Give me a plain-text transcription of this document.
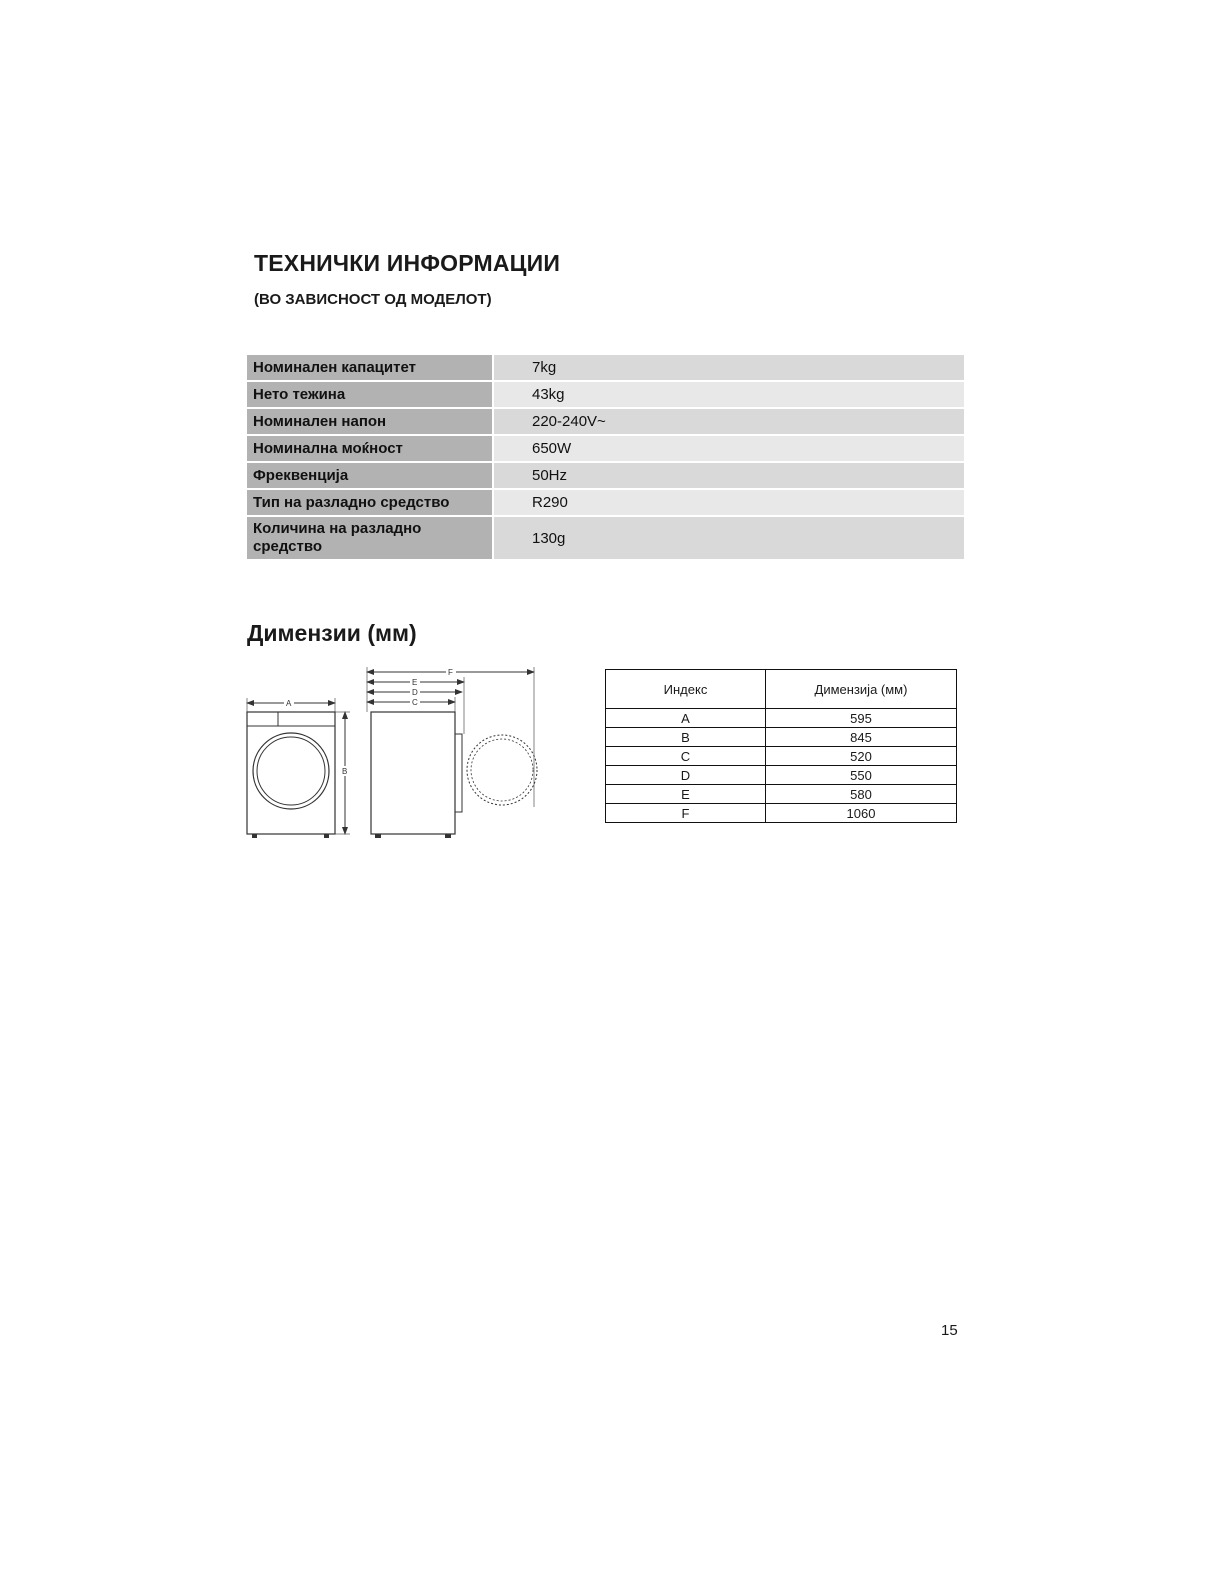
ТЕХНИЧКИ ИНФОРМАЦИИ

(ВО ЗАВИСНОСТ ОД МОДЕЛОТ)

Номинален капацитет	7kg
Нето тежина	43kg
Номинален напон	220-240V~
Номинална моќност	650W
Фреквенција	50Hz
Тип на разладно средство	R290
Количина на разладно средство	130g
Димензии (мм)
A
B
F
E
D
C
Индекс	Димензија (мм)
A	595
B	845
C	520
D	550
E	580
F	1060
15
